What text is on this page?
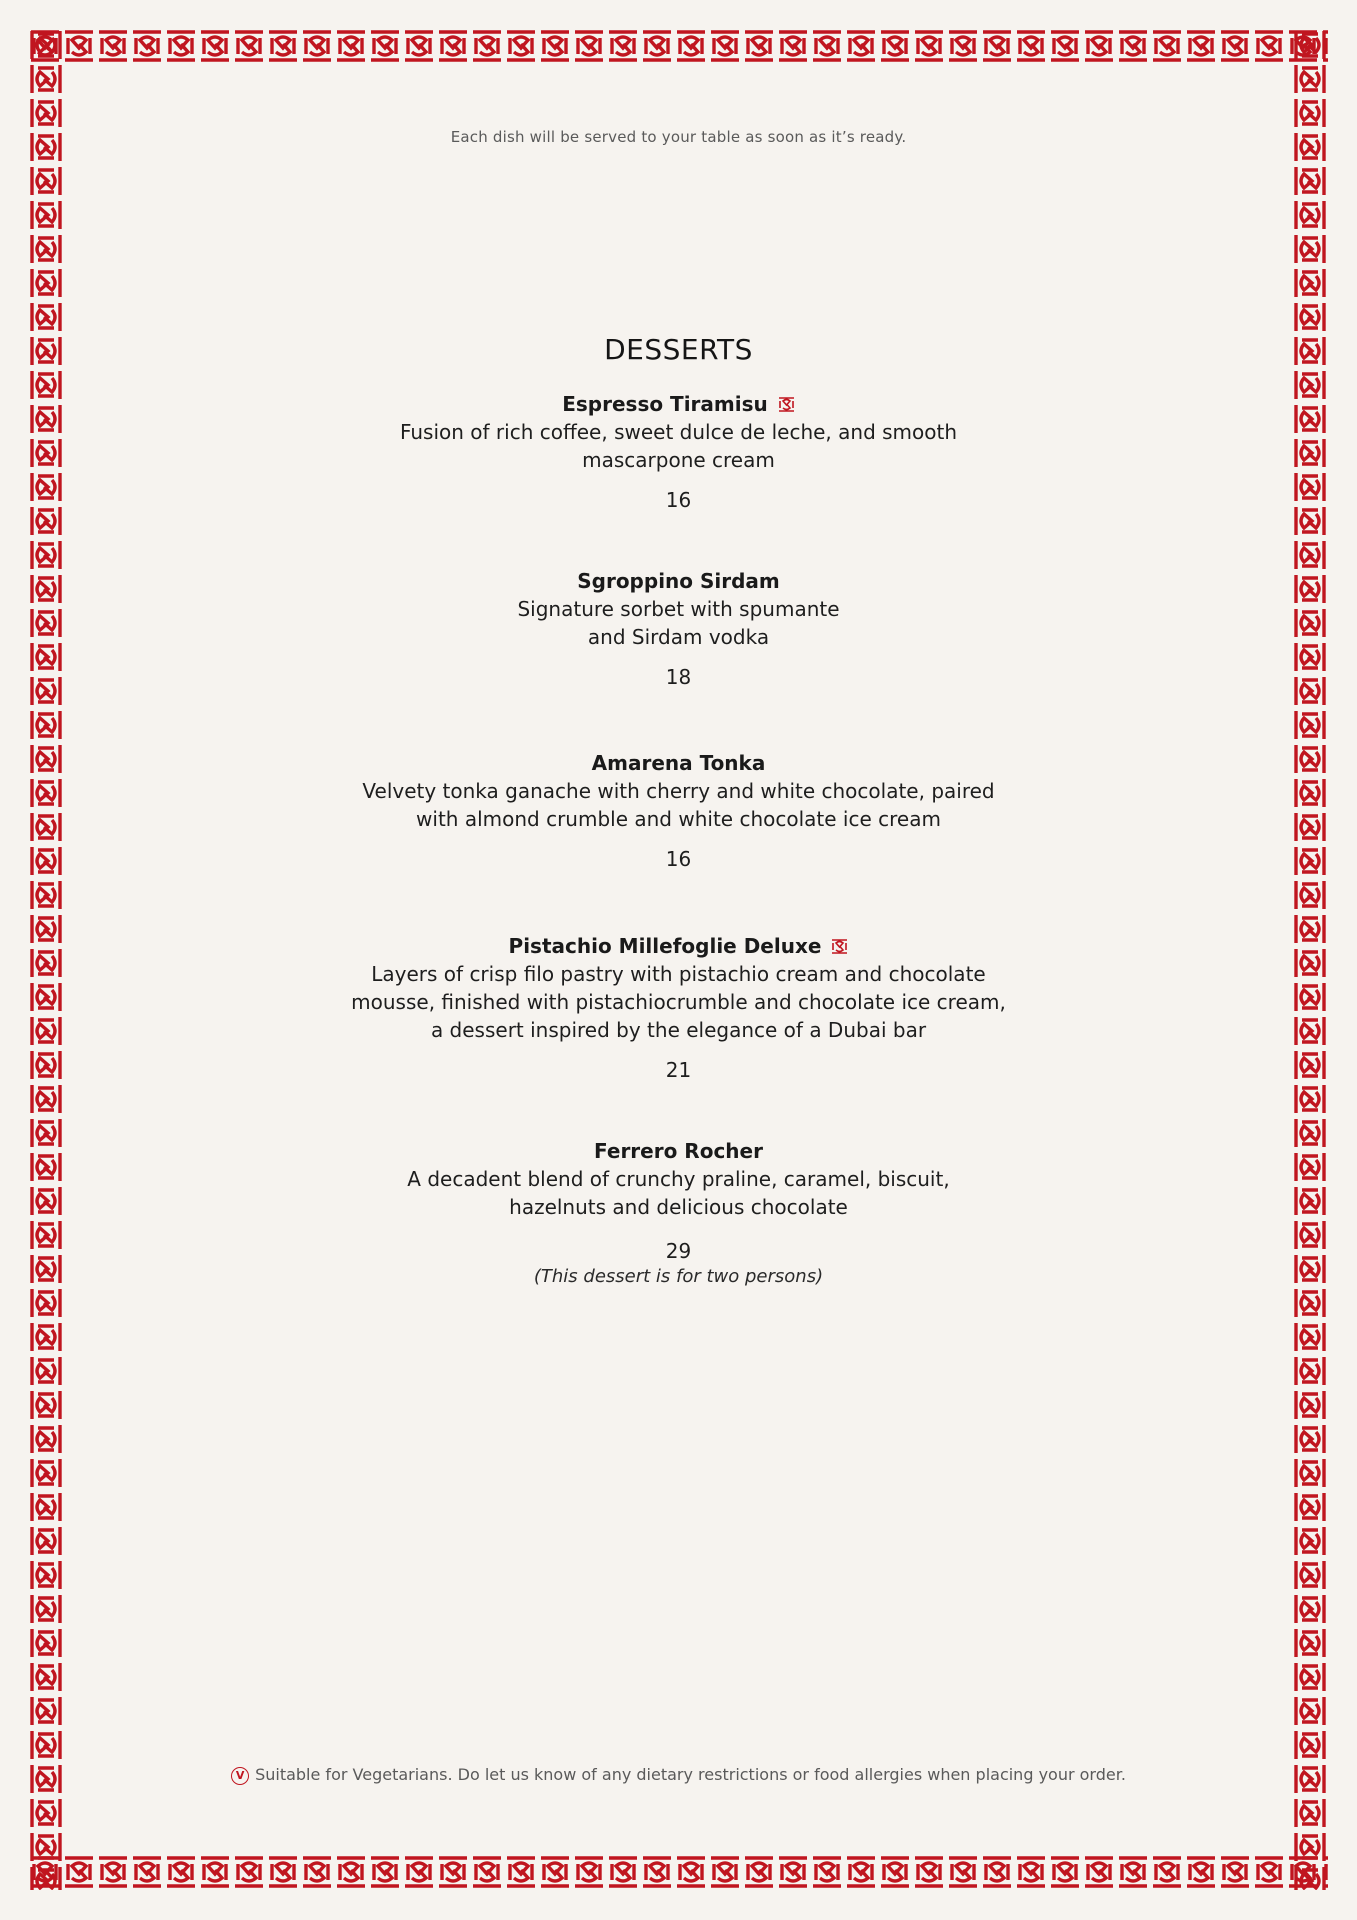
Each dish will be served to your table as soon as it’s ready.
DESSERTS
Espresso Tiramisu
Fusion of rich coffee, sweet dulce de leche, and smooth
mascarpone cream
16
Sgroppino Sirdam
Signature sorbet with spumante
and Sirdam vodka
18
Amarena Tonka
Velvety tonka ganache with cherry and white chocolate, paired
with almond crumble and white chocolate ice cream
16
Pistachio Millefoglie Deluxe
Layers of crisp filo pastry with pistachio cream and chocolate
mousse, finished with pistachiocrumble and chocolate ice cream,
a dessert inspired by the elegance of a Dubai bar
21
Ferrero Rocher
A decadent blend of crunchy praline, caramel, biscuit,
hazelnuts and delicious chocolate
29
(This dessert is for two persons)
V Suitable for Vegetarians. Do let us know of any dietary restrictions or food allergies when placing your order.
